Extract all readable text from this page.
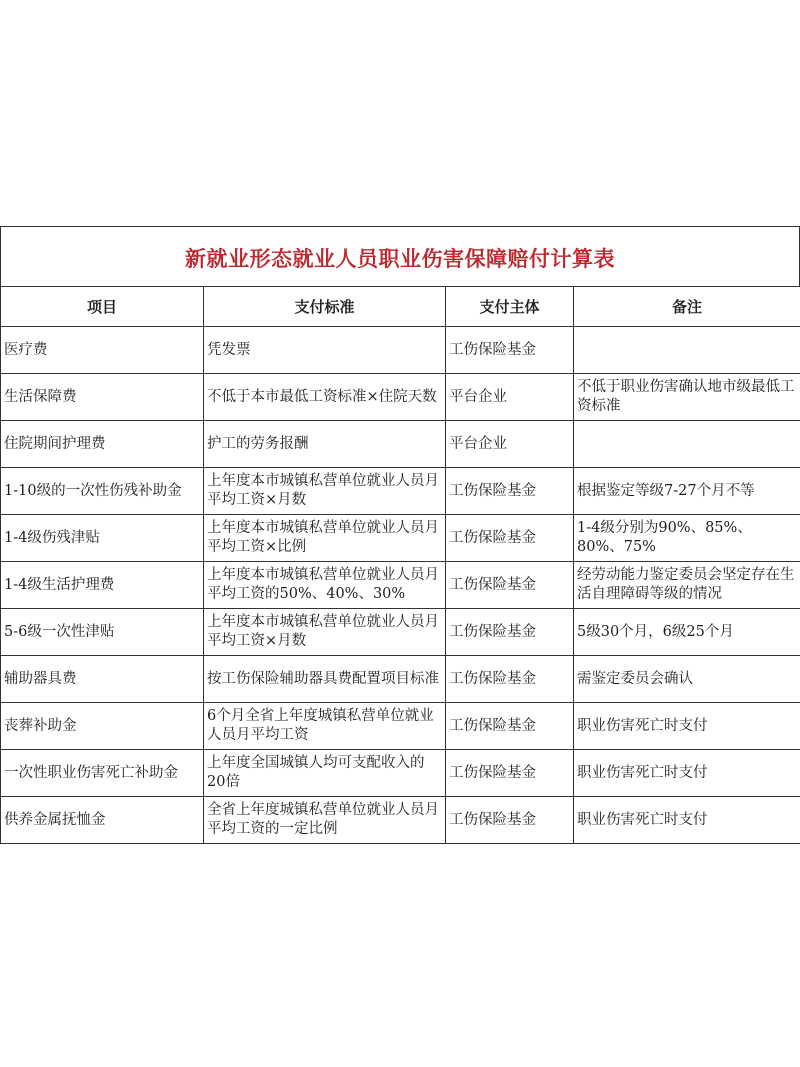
新就业形态就业人员职业伤害保障赔付计算表
项目	支付标准	支付主体	备注
医疗费	凭发票	工伤保险基金	
生活保障费	不低于本市最低工资标准×住院天数	平台企业	不低于职业伤害确认地市级最低工资标准
住院期间护理费	护工的劳务报酬	平台企业	
1-10级的一次性伤残补助金	上年度本市城镇私营单位就业人员月平均工资×月数	工伤保险基金	根据鉴定等级7-27个月不等
1-4级伤残津贴	上年度本市城镇私营单位就业人员月平均工资×比例	工伤保险基金	1-4级分别为90%、85%、80%、75%
1-4级生活护理费	上年度本市城镇私营单位就业人员月平均工资的50%、40%、30%	工伤保险基金	经劳动能力鉴定委员会坚定存在生活自理障碍等级的情况
5-6级一次性津贴	上年度本市城镇私营单位就业人员月平均工资×月数	工伤保险基金	5级30个月，6级25个月
辅助器具费	按工伤保险辅助器具费配置项目标准	工伤保险基金	需鉴定委员会确认
丧葬补助金	6个月全省上年度城镇私营单位就业人员月平均工资	工伤保险基金	职业伤害死亡时支付
一次性职业伤害死亡补助金	上年度全国城镇人均可支配收入的20倍	工伤保险基金	职业伤害死亡时支付
供养金属抚恤金	全省上年度城镇私营单位就业人员月平均工资的一定比例	工伤保险基金	职业伤害死亡时支付
